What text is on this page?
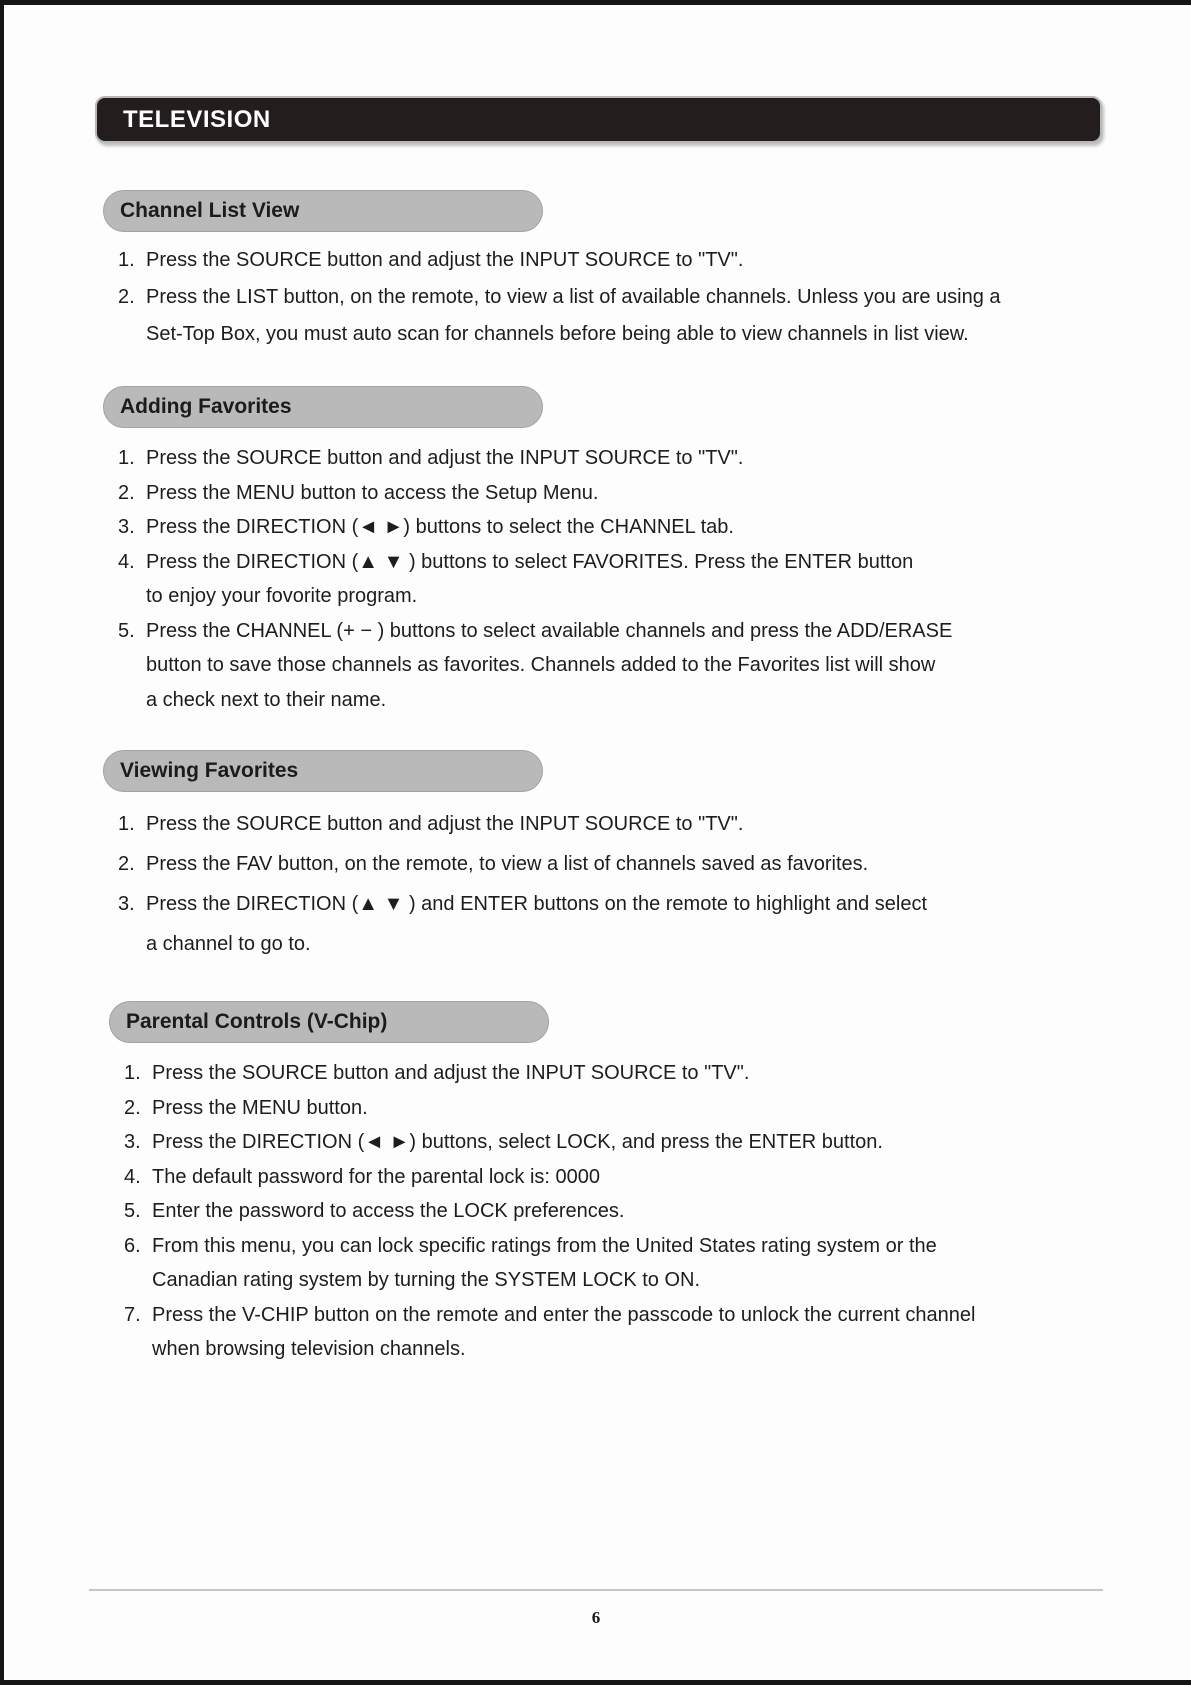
TELEVISION
Channel List View
1. Press the SOURCE button and adjust the INPUT SOURCE to "TV".
2. Press the LIST button, on the remote, to view a list of available channels. Unless you are using a
Set-Top Box, you must auto scan for channels before being able to view channels in list view.
Adding Favorites
1. Press the SOURCE button and adjust the INPUT SOURCE to "TV".
2. Press the MENU button to access the Setup Menu.
3. Press the DIRECTION (◄ ►) buttons to select the CHANNEL tab.
4. Press the DIRECTION (▲ ▼ ) buttons to select FAVORITES. Press the ENTER button
to enjoy your fovorite program.
5. Press the CHANNEL (+ − ) buttons to select available channels and press the ADD/ERASE
button to save those channels as favorites. Channels added to the Favorites list will show
a check next to their name.
Viewing Favorites
1. Press the SOURCE button and adjust the INPUT SOURCE to "TV".
2. Press the FAV button, on the remote, to view a list of channels saved as favorites.
3. Press the DIRECTION (▲ ▼ ) and ENTER buttons on the remote to highlight and select
a channel to go to.
Parental Controls (V-Chip)
1. Press the SOURCE button and adjust the INPUT SOURCE to "TV".
2. Press the MENU button.
3. Press the DIRECTION (◄ ►) buttons, select LOCK, and press the ENTER button.
4. The default password for the parental lock is: 0000
5. Enter the password to access the LOCK preferences.
6. From this menu, you can lock specific ratings from the United States rating system or the
Canadian rating system by turning the SYSTEM LOCK to ON.
7. Press the V-CHIP button on the remote and enter the passcode to unlock the current channel
when browsing television channels.
6
